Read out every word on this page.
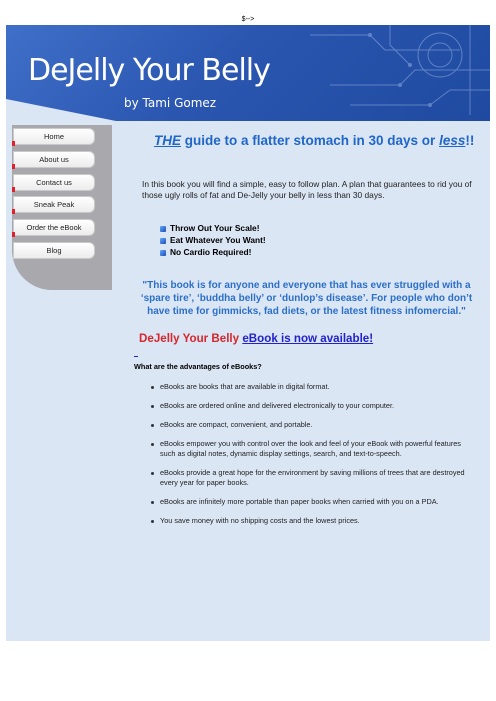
$-->
DeJelly Your Belly
by Tami Gomez
Home
About us
Contact us
Sneak Peak
Order the eBook
Blog
THE guide to a flatter stomach in 30 days or less!!
In this book you will find a simple, easy to follow plan. A plan that guarantees to rid you of those ugly rolls of fat and De-Jelly your belly in less than 30 days.
Throw Out Your Scale!
Eat Whatever You Want!
No Cardio Required!
"This book is for anyone and everyone that has ever struggled with a ‘spare tire’, ‘buddha belly’ or ‘dunlop’s disease’. For people who don’t have time for gimmicks, fad diets, or the latest fitness infomercial."
DeJelly Your Belly eBook is now available!
What are the advantages of eBooks?
eBooks are books that are available in digital format.
eBooks are ordered online and delivered electronically to your computer.
eBooks are compact, convenient, and portable.
eBooks empower you with control over the look and feel of your eBook with powerful features such as digital notes, dynamic display settings, search, and text-to-speech.
eBooks provide a great hope for the environment by saving millions of trees that are destroyed every year for paper books.
eBooks are infinitely more portable than paper books when carried with you on a PDA.
You save money with no shipping costs and the lowest prices.
